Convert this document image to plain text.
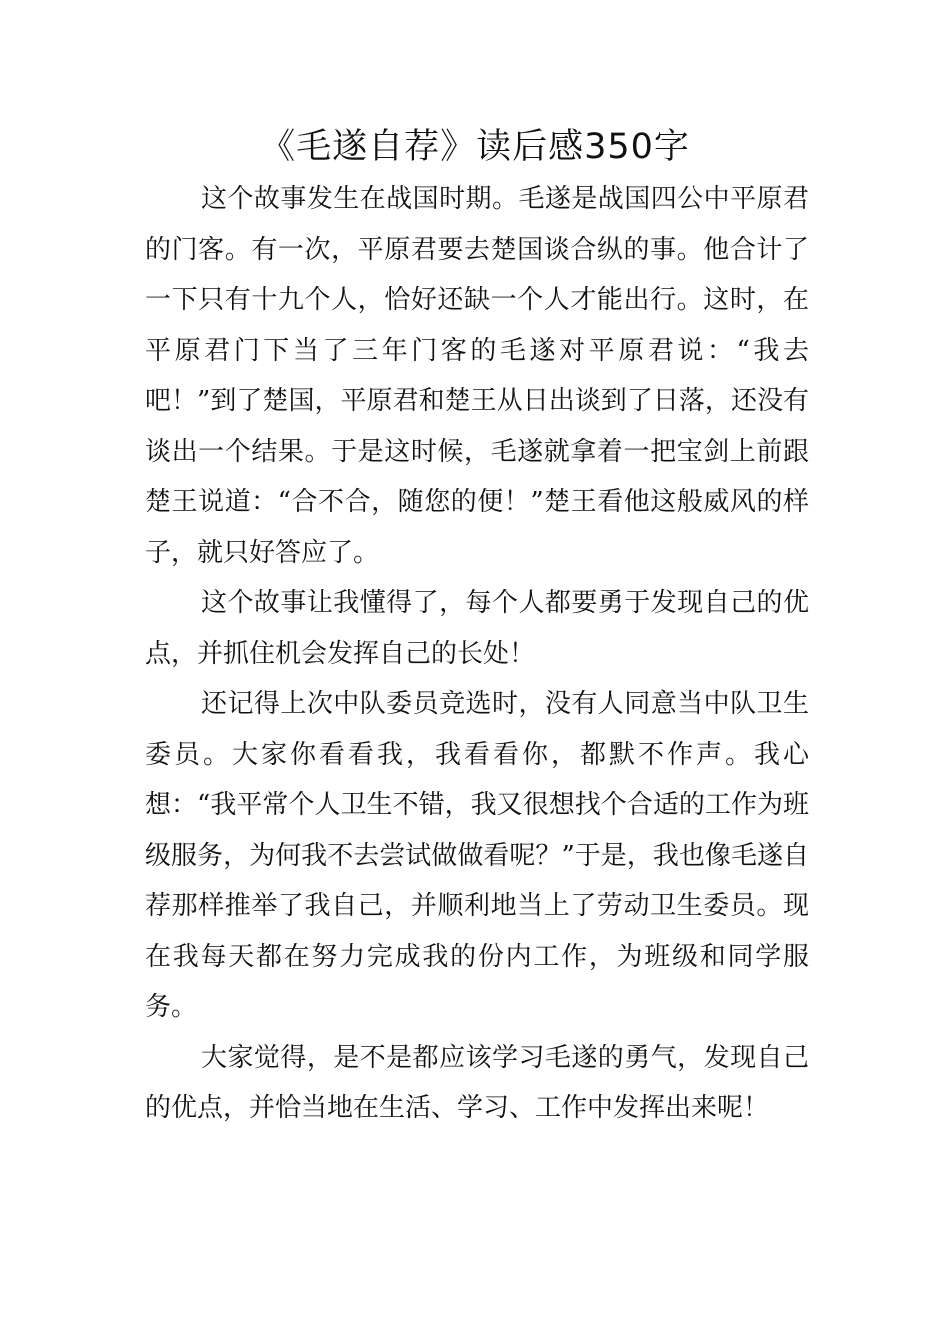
《毛遂自荐》读后感350字

这个故事发生在战国时期。毛遂是战国四公中平原君的门客。有一次，平原君要去楚国谈合纵的事。他合计了一下只有十九个人，恰好还缺一个人才能出行。这时，在平原君门下当了三年门客的毛遂对平原君说：“我去吧！”到了楚国，平原君和楚王从日出谈到了日落，还没有谈出一个结果。于是这时候，毛遂就拿着一把宝剑上前跟楚王说道：“合不合，随您的便！”楚王看他这般威风的样子，就只好答应了。

这个故事让我懂得了，每个人都要勇于发现自己的优点，并抓住机会发挥自己的长处！

还记得上次中队委员竞选时，没有人同意当中队卫生委员。大家你看看我，我看看你，都默不作声。我心想：“我平常个人卫生不错，我又很想找个合适的工作为班级服务，为何我不去尝试做做看呢？”于是，我也像毛遂自荐那样推举了我自己，并顺利地当上了劳动卫生委员。现在我每天都在努力完成我的份内工作，为班级和同学服务。

大家觉得，是不是都应该学习毛遂的勇气，发现自己的优点，并恰当地在生活、学习、工作中发挥出来呢！
